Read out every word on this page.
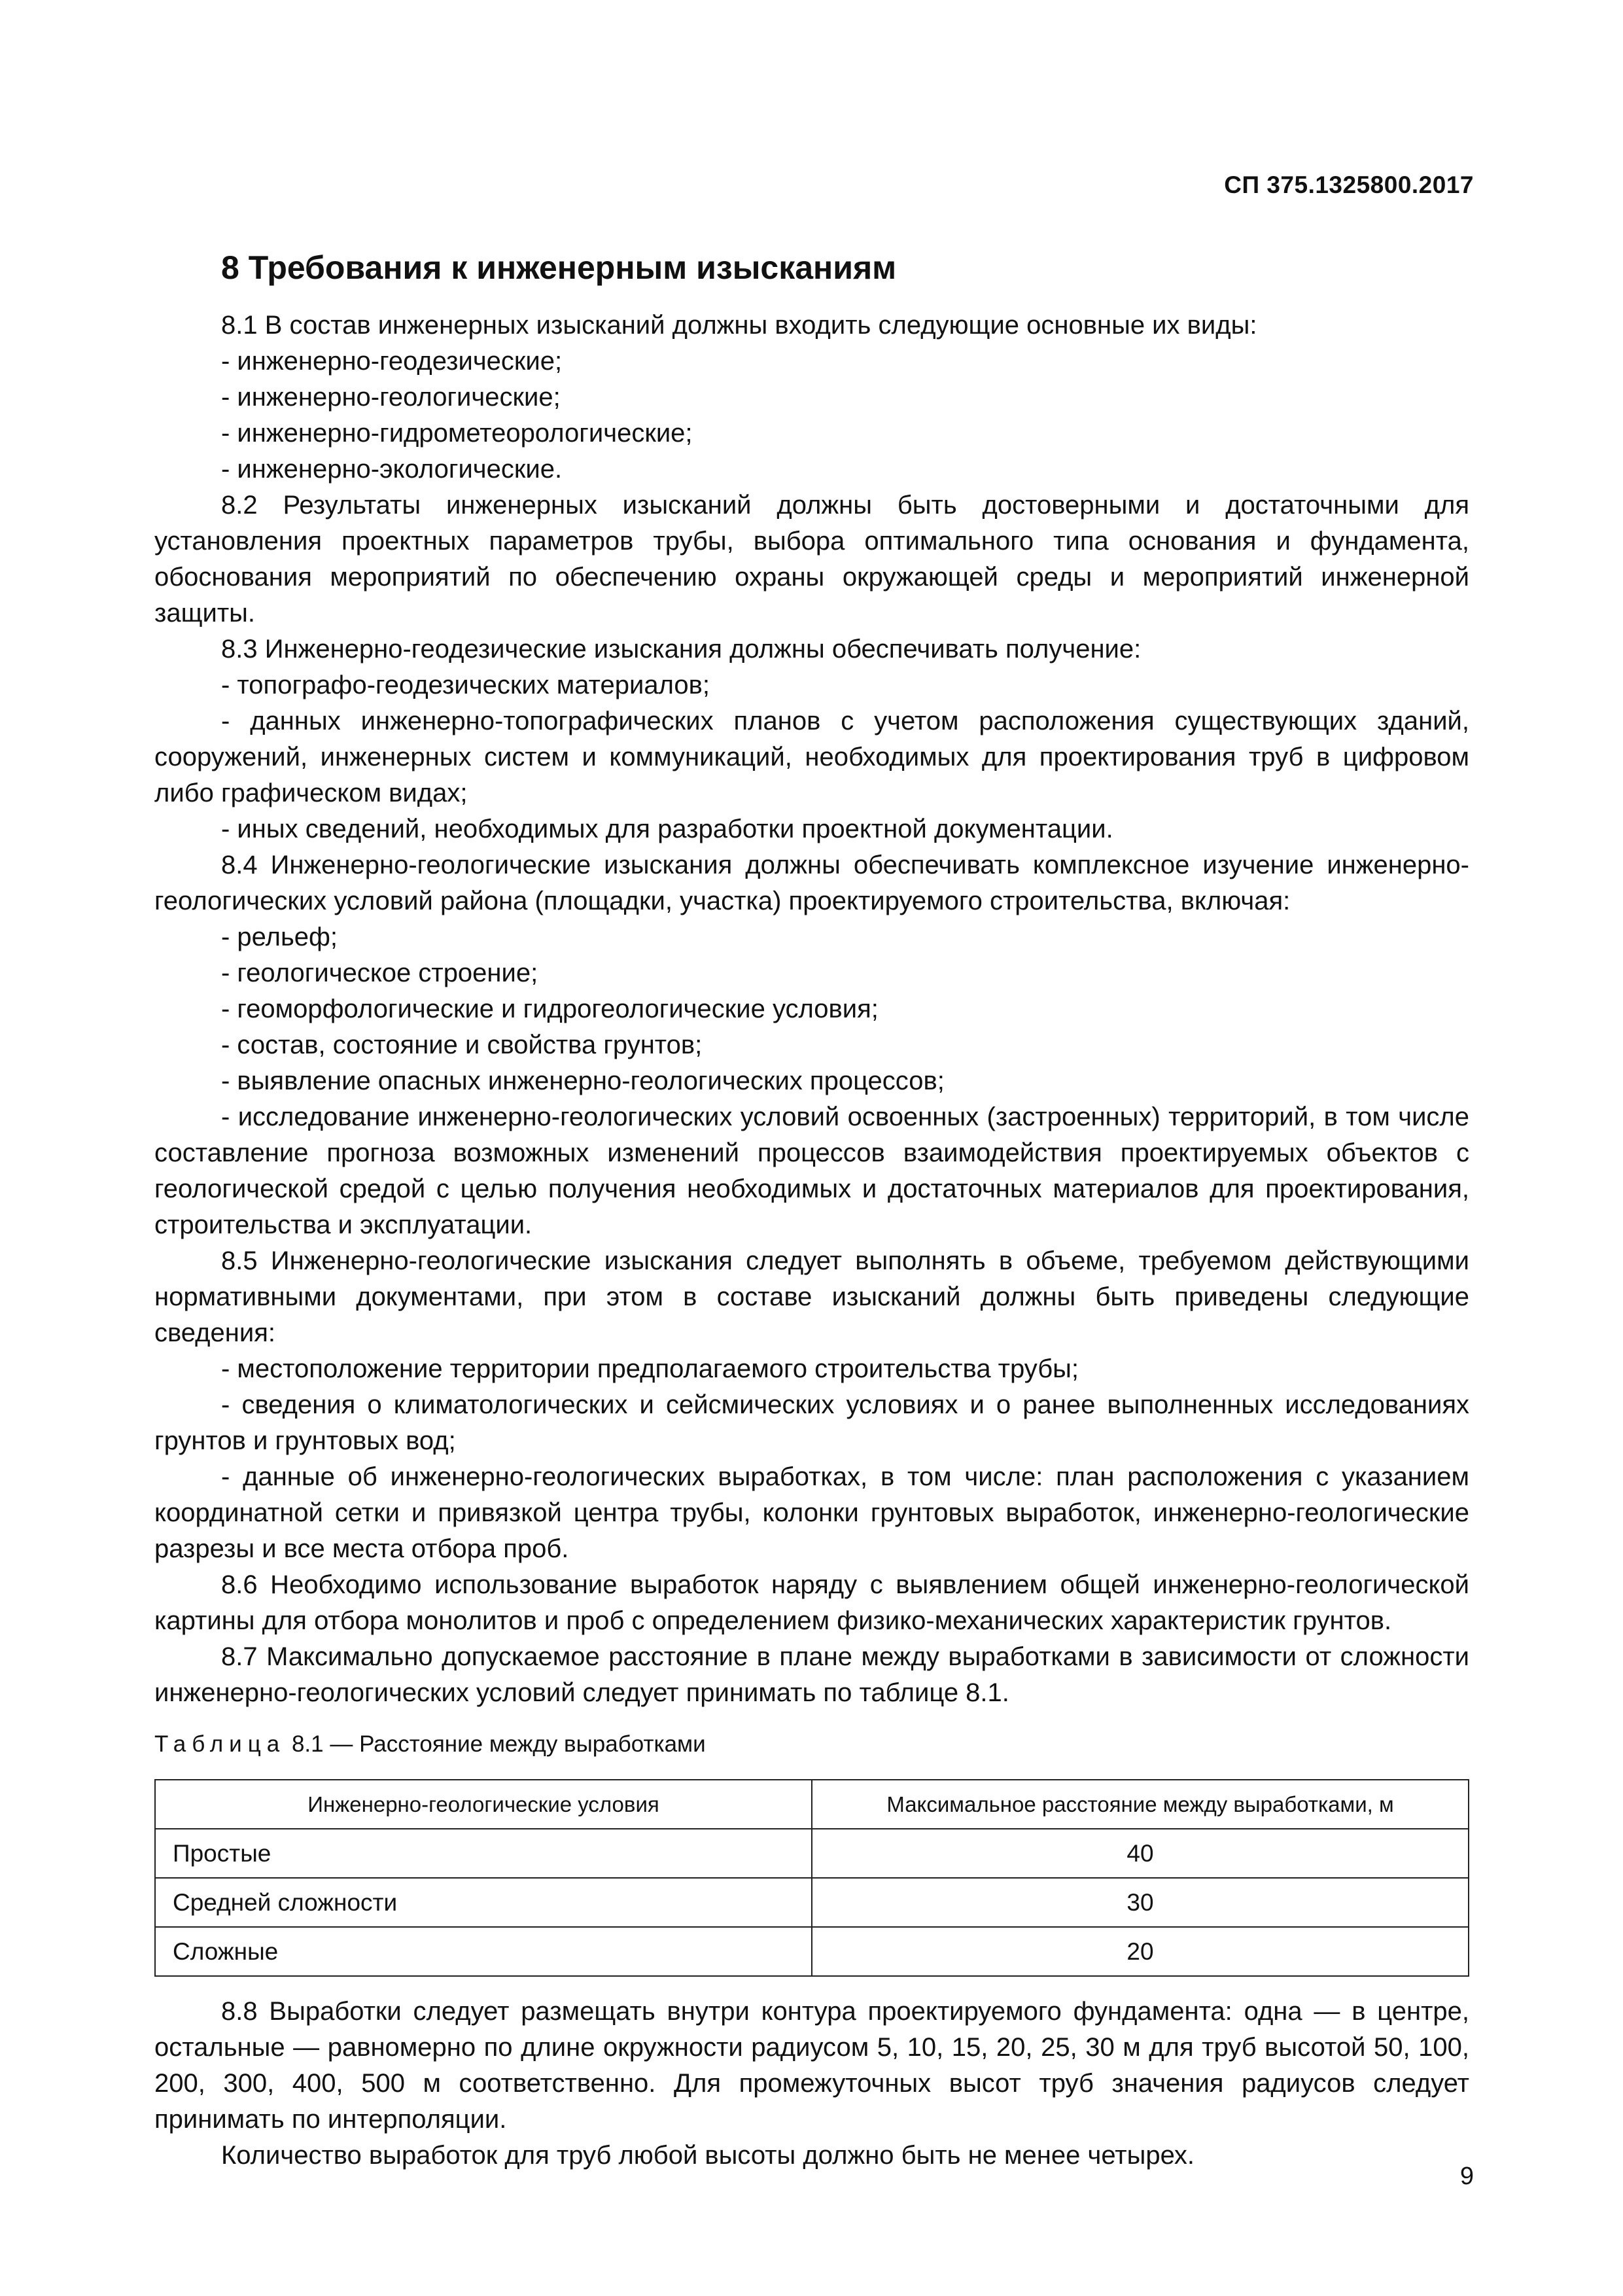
СП 375.1325800.2017
8 Требования к инженерным изысканиям

8.1 В состав инженерных изысканий должны входить следующие основные их виды:

- инженерно-геодезические;

- инженерно-геологические;

- инженерно-гидрометеорологические;

- инженерно-экологические.

8.2 Результаты инженерных изысканий должны быть достоверными и достаточными для установления проектных параметров трубы, выбора оптимального типа основания и фундамента, обоснования мероприятий по обеспечению охраны окружающей среды и мероприятий инженерной защиты.

8.3 Инженерно-геодезические изыскания должны обеспечивать получение:

- топографо-геодезических материалов;

- данных инженерно-топографических планов с учетом расположения существующих зданий, сооружений, инженерных систем и коммуникаций, необходимых для проектирования труб в цифровом либо графическом видах;

- иных сведений, необходимых для разработки проектной документации.

8.4 Инженерно-геологические изыскания должны обеспечивать комплексное изучение инженерно-геологических условий района (площадки, участка) проектируемого строительства, включая:

- рельеф;

- геологическое строение;

- геоморфологические и гидрогеологические условия;

- состав, состояние и свойства грунтов;

- выявление опасных инженерно-геологических процессов;

- исследование инженерно-геологических условий освоенных (застроенных) территорий, в том числе составление прогноза возможных изменений процессов взаимодействия проектируемых объектов с геологической средой с целью получения необходимых и достаточных материалов для проектирования, строительства и эксплуатации.

8.5 Инженерно-геологические изыскания следует выполнять в объеме, требуемом действующими нормативными документами, при этом в составе изысканий должны быть приведены следующие сведения:

- местоположение территории предполагаемого строительства трубы;

- сведения о климатологических и сейсмических условиях и о ранее выполненных исследованиях грунтов и грунтовых вод;

- данные об инженерно-геологических выработках, в том числе: план расположения с указанием координатной сетки и привязкой центра трубы, колонки грунтовых выработок, инженерно-геологические разрезы и все места отбора проб.

8.6 Необходимо использование выработок наряду с выявлением общей инженерно-геологической картины для отбора монолитов и проб с определением физико-механических характеристик грунтов.

8.7 Максимально допускаемое расстояние в плане между выработками в зависимости от сложности инженерно-геологических условий следует принимать по таблице 8.1.

Таблица 8.1 — Расстояние между выработками
Инженерно-геологические условия	Максимальное расстояние между выработками, м
Простые	40
Средней сложности	30
Сложные	20

8.8 Выработки следует размещать внутри контура проектируемого фундамента: одна — в центре, остальные — равномерно по длине окружности радиусом 5, 10, 15, 20, 25, 30 м для труб высотой 50, 100, 200, 300, 400, 500 м соответственно. Для промежуточных высот труб значения радиусов следует принимать по интерполяции.

Количество выработок для труб любой высоты должно быть не менее четырех.

9
